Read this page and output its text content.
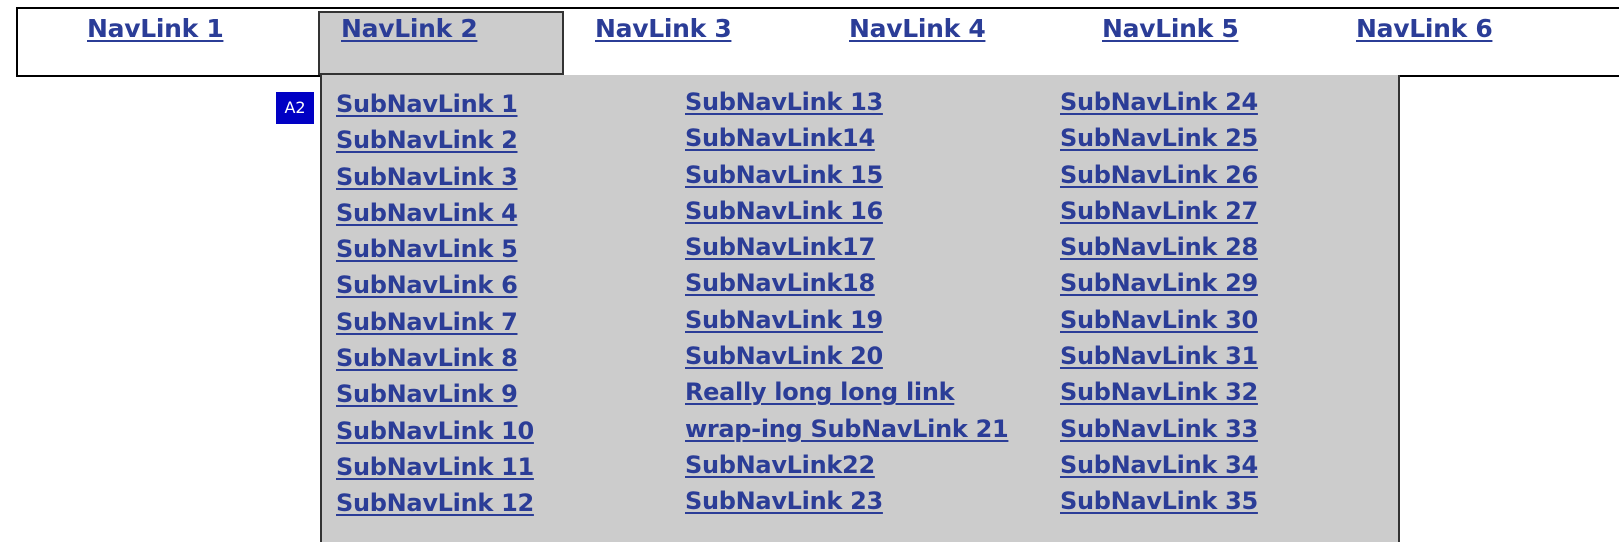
NavLink 1	NavLink 2	NavLink 3	NavLink 4	NavLink 5	NavLink 6
A2	SubNavLink 1
SubNavLink 2
SubNavLink 3
SubNavLink 4
SubNavLink 5
SubNavLink 6
SubNavLink 7
SubNavLink 8
SubNavLink 9
SubNavLink 10
SubNavLink 11
SubNavLink 12
SubNavLink 13
SubNavLink14
SubNavLink 15
SubNavLink 16
SubNavLink17
SubNavLink18
SubNavLink 19
SubNavLink 20
Really long long link wrap-ing SubNavLink 21
SubNavLink22
SubNavLink 23
SubNavLink 24
SubNavLink 25
SubNavLink 26
SubNavLink 27
SubNavLink 28
SubNavLink 29
SubNavLink 30
SubNavLink 31
SubNavLink 32
SubNavLink 33
SubNavLink 34
SubNavLink 35
